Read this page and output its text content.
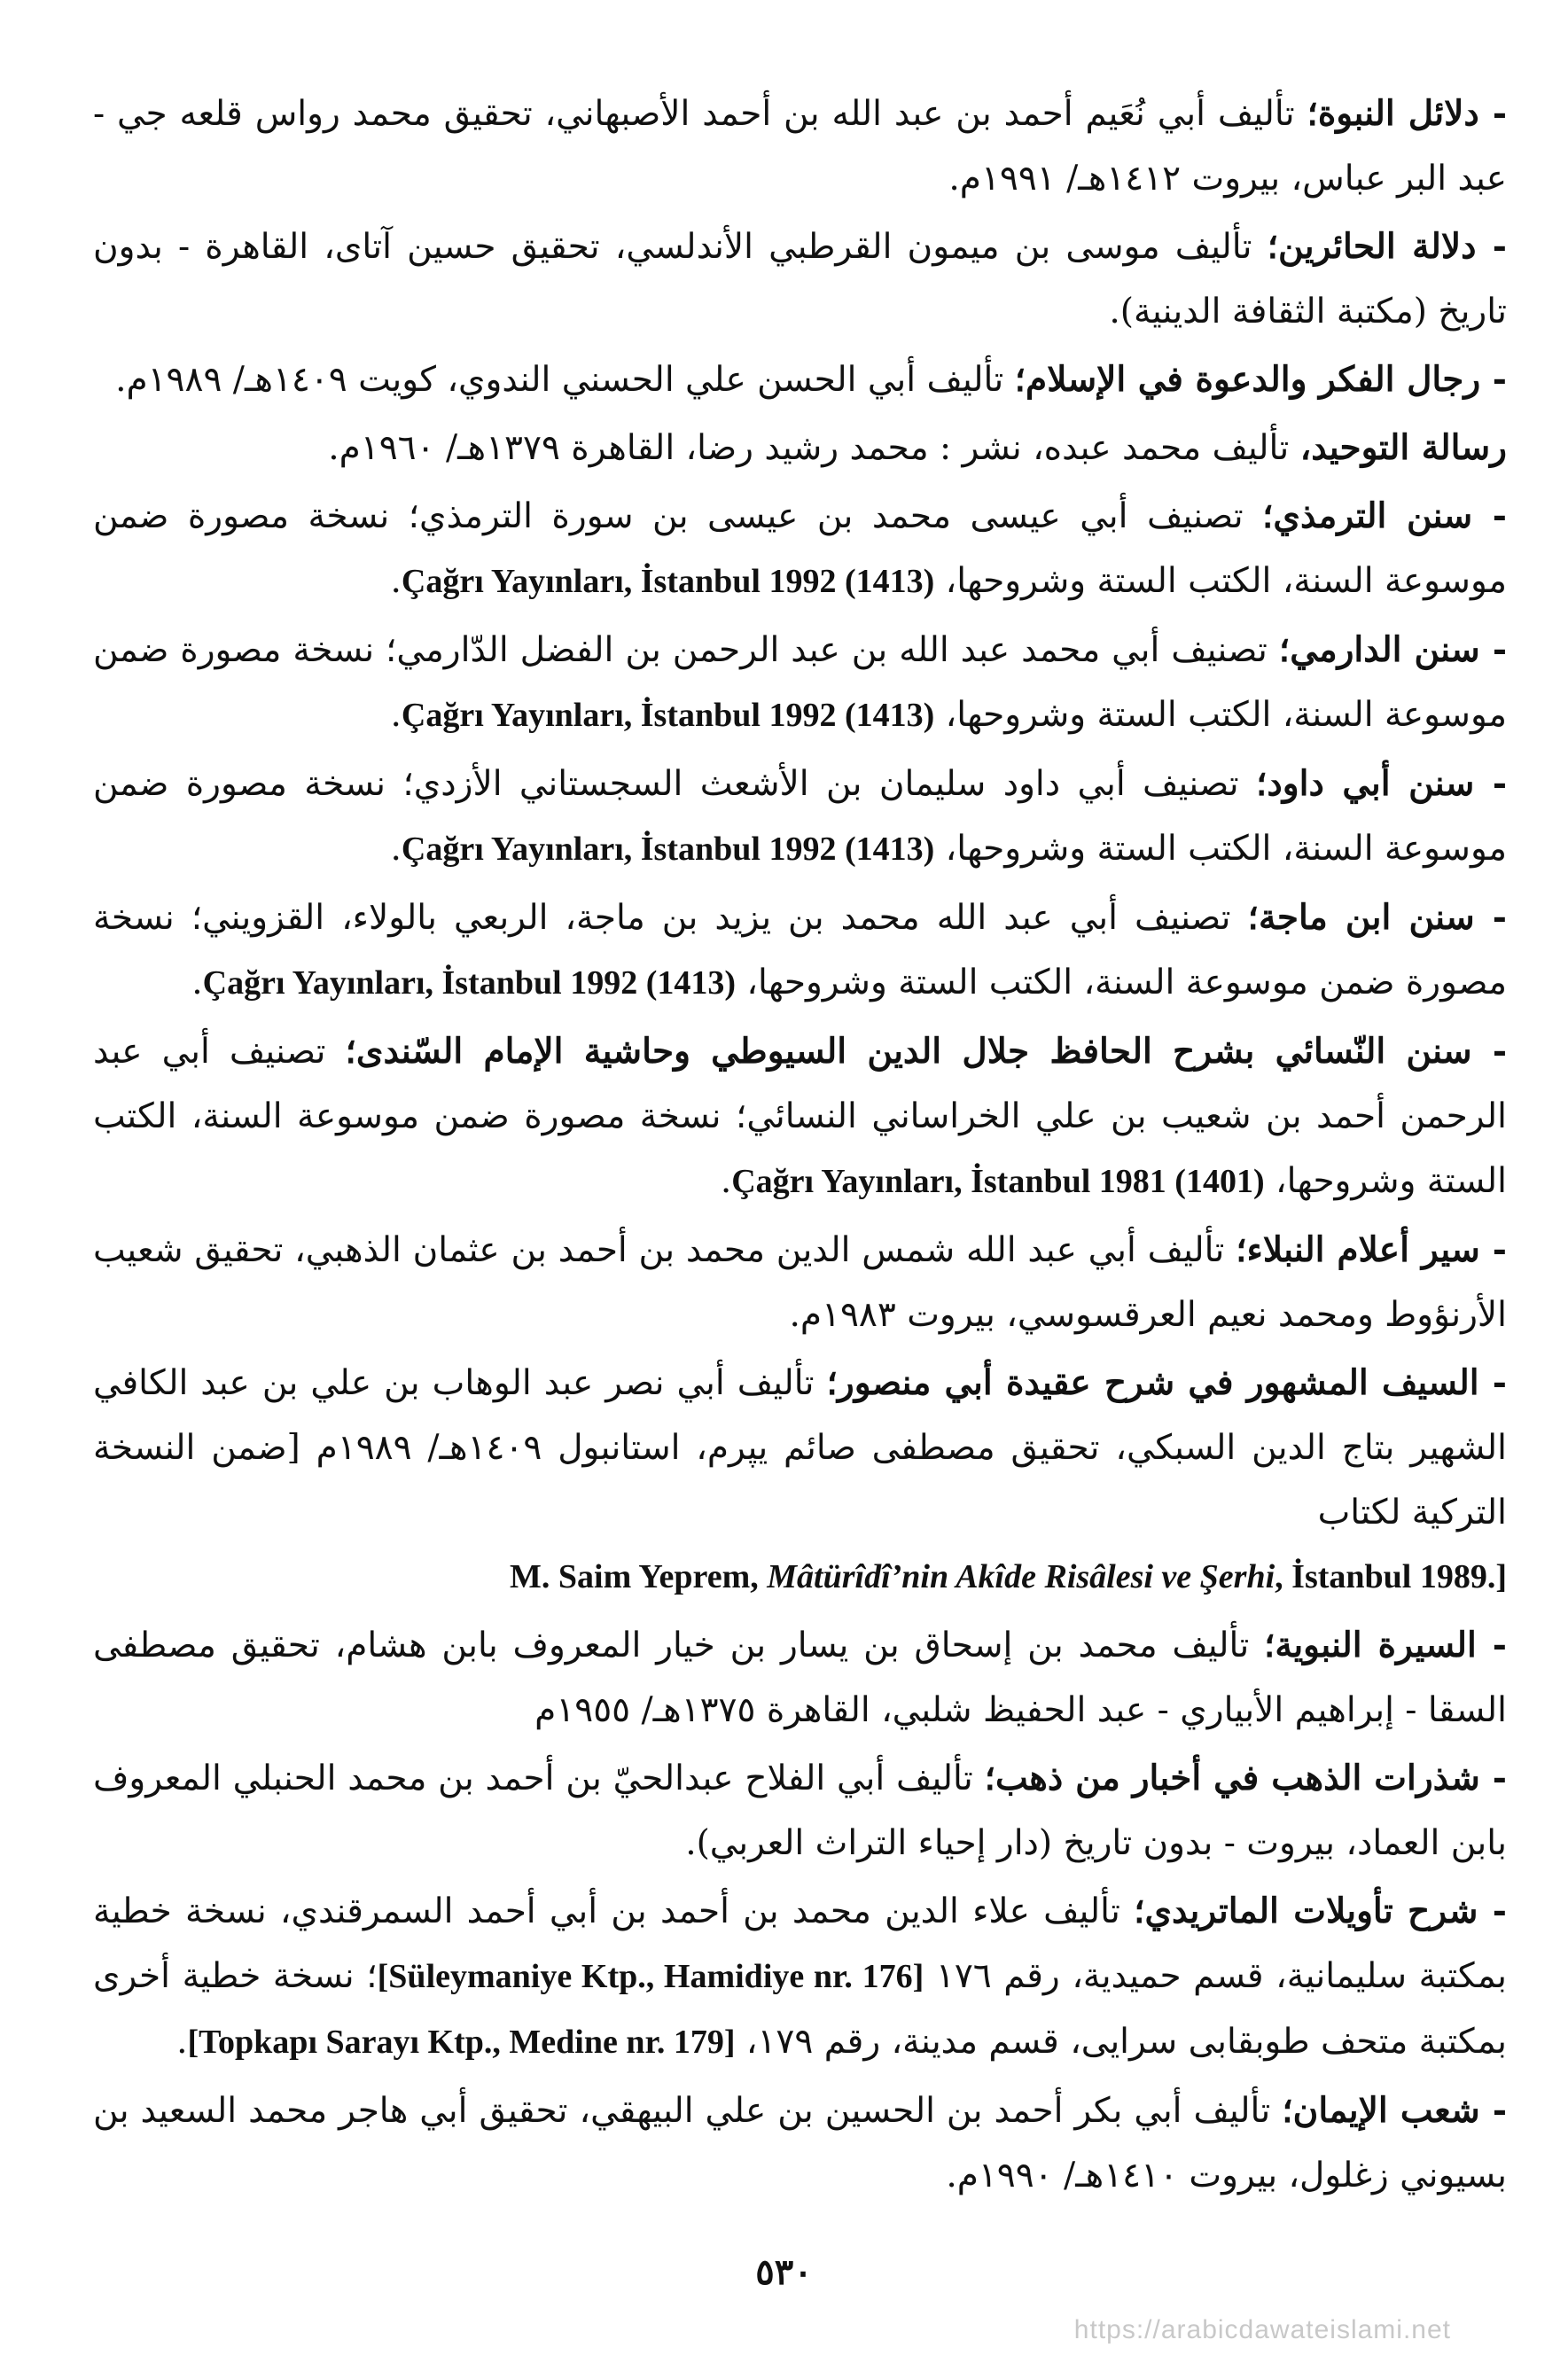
- دلائل النبوة؛ تأليف أبي نُعَيم أحمد بن عبد الله بن أحمد الأصبهاني، تحقيق محمد رواس قلعه جي - عبد البر عباس، بيروت ١٤١٢هـ/ ١٩٩١م.

- دلالة الحائرين؛ تأليف موسى بن ميمون القرطبي الأندلسي، تحقيق حسين آتاى، القاهرة - بدون تاريخ (مكتبة الثقافة الدينية).

- رجال الفكر والدعوة في الإسلام؛ تأليف أبي الحسن علي الحسني الندوي، كويت ١٤٠٩هـ/ ١٩٨٩م.

رسالة التوحيد، تأليف محمد عبده، نشر : محمد رشيد رضا، القاهرة ١٣٧٩هـ/ ١٩٦٠م.

- سنن الترمذي؛ تصنيف أبي عيسى محمد بن عيسى بن سورة الترمذي؛ نسخة مصورة ضمن موسوعة السنة، الكتب الستة وشروحها، Çağrı Yayınları, İstanbul 1992 (1413).

- سنن الدارمي؛ تصنيف أبي محمد عبد الله بن عبد الرحمن بن الفضل الدّارمي؛ نسخة مصورة ضمن موسوعة السنة، الكتب الستة وشروحها، Çağrı Yayınları, İstanbul 1992 (1413).

- سنن أبي داود؛ تصنيف أبي داود سليمان بن الأشعث السجستاني الأزدي؛ نسخة مصورة ضمن موسوعة السنة، الكتب الستة وشروحها، Çağrı Yayınları, İstanbul 1992 (1413).

- سنن ابن ماجة؛ تصنيف أبي عبد الله محمد بن يزيد بن ماجة، الربعي بالولاء، القزويني؛ نسخة مصورة ضمن موسوعة السنة، الكتب الستة وشروحها، Çağrı Yayınları, İstanbul 1992 (1413).

- سنن النّسائي بشرح الحافظ جلال الدين السيوطي وحاشية الإمام السّندى؛ تصنيف أبي عبد الرحمن أحمد بن شعيب بن علي الخراساني النسائي؛ نسخة مصورة ضمن موسوعة السنة، الكتب الستة وشروحها، Çağrı Yayınları, İstanbul 1981 (1401).

- سير أعلام النبلاء؛ تأليف أبي عبد الله شمس الدين محمد بن أحمد بن عثمان الذهبي، تحقيق شعيب الأرنؤوط ومحمد نعيم العرقسوسي، بيروت ١٩٨٣م.

- السيف المشهور في شرح عقيدة أبي منصور؛ تأليف أبي نصر عبد الوهاب بن علي بن عبد الكافي الشهير بتاج الدين السبكي، تحقيق مصطفى صائم يپرم، استانبول ١٤٠٩هـ/ ١٩٨٩م [ضمن النسخة التركية لكتاب
M. Saim Yeprem, Mâtürîdî’nin Akîde Risâlesi ve Şerhi, İstanbul 1989.]

- السيرة النبوية؛ تأليف محمد بن إسحاق بن يسار بن خيار المعروف بابن هشام، تحقيق مصطفى السقا - إبراهيم الأبياري - عبد الحفيظ شلبي، القاهرة ١٣٧٥هـ/ ١٩٥٥م

- شذرات الذهب في أخبار من ذهب؛ تأليف أبي الفلاح عبدالحيّ بن أحمد بن محمد الحنبلي المعروف بابن العماد، بيروت - بدون تاريخ (دار إحياء التراث العربي).

- شرح تأويلات الماتريدي؛ تأليف علاء الدين محمد بن أحمد بن أبي أحمد السمرقندي، نسخة خطية بمكتبة سليمانية، قسم حميدية، رقم ١٧٦ [Süleymaniye Ktp., Hamidiye nr. 176]؛ نسخة خطية أخرى بمكتبة متحف طوبقابى سرايى، قسم مدينة، رقم ١٧٩، [Topkapı Sarayı Ktp., Medine nr. 179].

- شعب الإيمان؛ تأليف أبي بكر أحمد بن الحسين بن علي البيهقي، تحقيق أبي هاجر محمد السعيد بن بسيوني زغلول، بيروت ١٤١٠هـ/ ١٩٩٠م.

٥٣٠
https://arabicdawateislami.net
